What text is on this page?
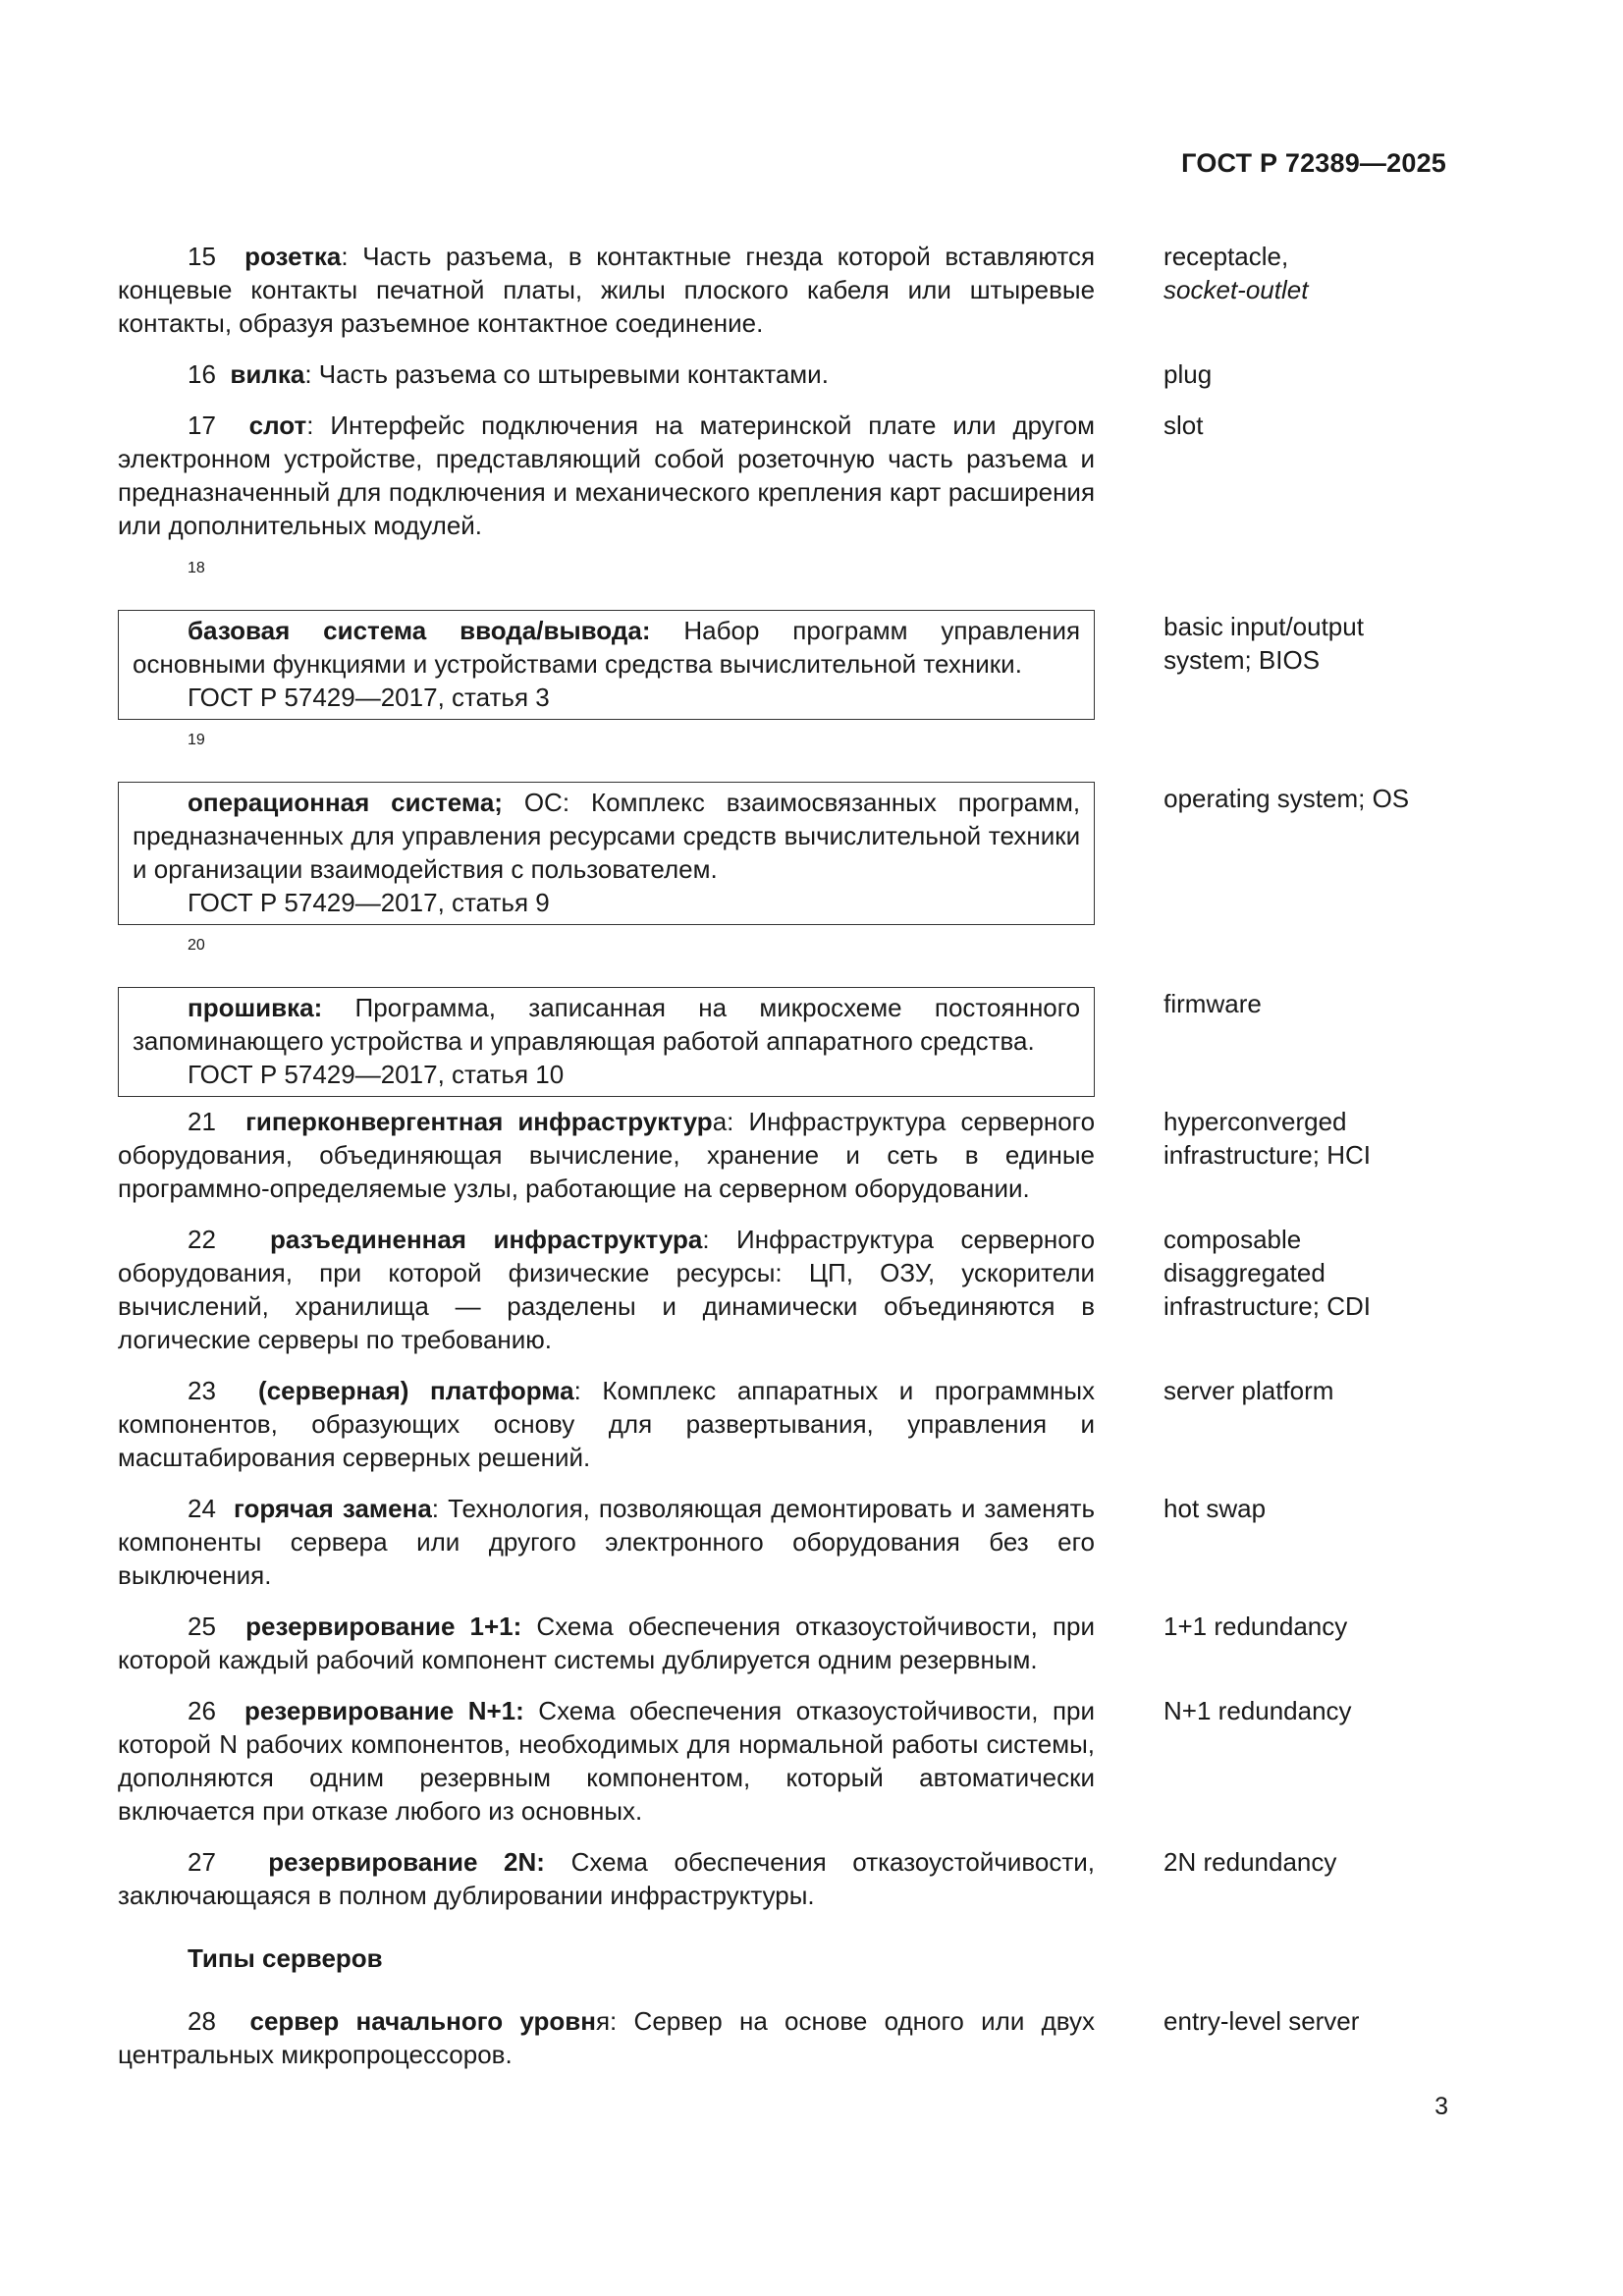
ГОСТ Р 72389—2025
15 розетка: Часть разъема, в контактные гнезда которой вставляются концевые контакты печатной платы, жилы плоского кабеля или штыревые контакты, образуя разъемное контактное соединение.
receptacle,
socket-outlet
16 вилка: Часть разъема со штыревыми контактами.	plug
17 слот: Интерфейс подключения на материнской плате или другом электронном устройстве, представляющий собой розеточную часть разъема и предназначенный для подключения и механического крепления карт расширения или дополнительных модулей.
slot
18
базовая система ввода/вывода: Набор программ управления основными функциями и устройствами средства вычислительной техники.
ГОСТ Р 57429—2017, статья 3
basic input/output system; BIOS
19
операционная система; ОС: Комплекс взаимосвязанных программ, предназначенных для управления ресурсами средств вычислительной техники и организации взаимодействия с пользователем.
ГОСТ Р 57429—2017, статья 9
operating system; OS
20
прошивка: Программа, записанная на микросхеме постоянного запоминающего устройства и управляющая работой аппаратного средства.
ГОСТ Р 57429—2017, статья 10
firmware
21 гиперконвергентная инфраструктура: Инфраструктура серверного оборудования, объединяющая вычисление, хранение и сеть в единые программно-определяемые узлы, работающие на серверном оборудовании.
hyperconverged
infrastructure; HCI
22 разъединенная инфраструктура: Инфраструктура серверного оборудования, при которой физические ресурсы: ЦП, ОЗУ, ускорители вычислений, хранилища — разделены и динамически объединяются в логические серверы по требованию.
composable
disaggregated
infrastructure; CDI
23 (серверная) платформа: Комплекс аппаратных и программных компонентов, образующих основу для развертывания, управления и масштабирования серверных решений.
server platform
24 горячая замена: Технология, позволяющая демонтировать и заменять компоненты сервера или другого электронного оборудования без его выключения.
hot swap
25 резервирование 1+1: Схема обеспечения отказоустойчивости, при которой каждый рабочий компонент системы дублируется одним резервным.
1+1 redundancy
26 резервирование N+1: Схема обеспечения отказоустойчивости, при которой N рабочих компонентов, необходимых для нормальной работы системы, дополняются одним резервным компонентом, который автоматически включается при отказе любого из основных.
N+1 redundancy
27 резервирование 2N: Схема обеспечения отказоустойчивости, заключающаяся в полном дублировании инфраструктуры.
2N redundancy
Типы серверов
28 сервер начального уровня: Сервер на основе одного или двух центральных микропроцессоров.
entry-level server
3
